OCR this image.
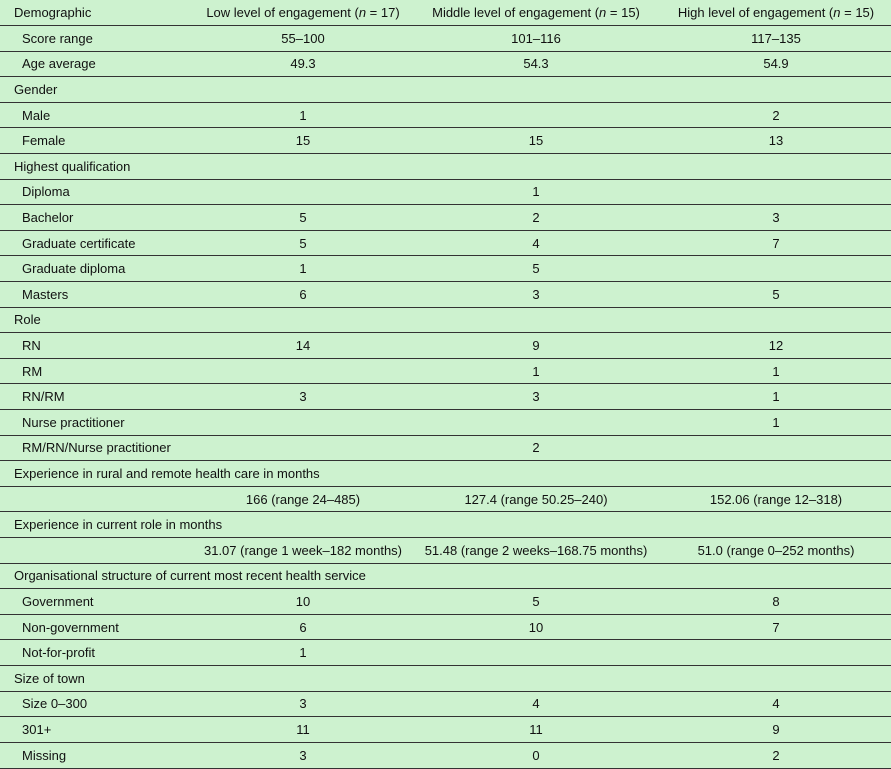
Demographic	Low level of engagement (n = 17)	Middle level of engagement (n = 15)	High level of engagement (n = 15)
Score range	55–100	101–116	117–135
Age average	49.3	54.3	54.9
Gender			
Male	1		2
Female	15	15	13
Highest qualification			
Diploma		1	
Bachelor	5	2	3
Graduate certificate	5	4	7
Graduate diploma	1	5	
Masters	6	3	5
Role			
RN	14	9	12
RM		1	1
RN/RM	3	3	1
Nurse practitioner			1
RM/RN/Nurse practitioner		2	
Experience in rural and remote health care in months			
	166 (range 24–485)	127.4 (range 50.25–240)	152.06 (range 12–318)
Experience in current role in months			
	31.07 (range 1 week–182 months)	51.48 (range 2 weeks–168.75 months)	51.0 (range 0–252 months)
Organisational structure of current most recent health service			
Government	10	5	8
Non-government	6	10	7
Not-for-profit	1		
Size of town			
Size 0–300	3	4	4
301+	11	11	9
Missing	3	0	2
